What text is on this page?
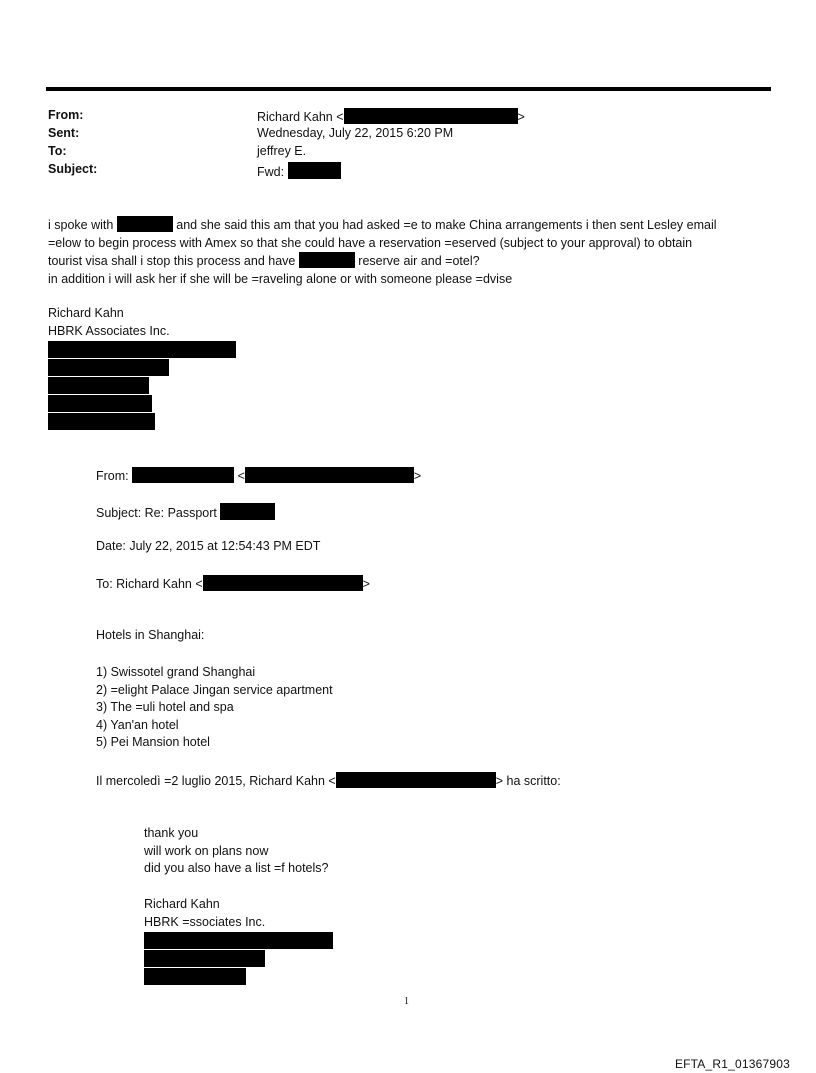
From:	Richard Kahn <	>
Sent:	Wednesday, July 22, 2015 6:20 PM
To:	jeffrey E.
Subject:	Fwd:
i spoke with	and she said this am that you had asked =e to make China arrangements i then sent Lesley email
=elow to begin process with Amex so that she could have a reservation =eserved (subject to your approval) to obtain
tourist visa shall i stop this process and have	reserve air and =otel?
in addition i will ask her if she will be =raveling alone or with someone please =dvise
Richard Kahn
HBRK Associates Inc.
From:	<	>
Subject: Re: Passport
Date: July 22, 2015 at 12:54:43 PM EDT
To: Richard Kahn <	>
Hotels in Shanghai:
1) Swissotel grand Shanghai
2) =elight Palace Jingan service apartment
3) The =uli hotel and spa
4) Yan'an hotel
5) Pei Mansion hotel
Il mercoledì =2 luglio 2015, Richard Kahn <	> ha scritto:
thank you
will work on plans now
did you also have a list =f hotels?
Richard Kahn
HBRK =ssociates Inc.
1
EFTA_R1_01367903
